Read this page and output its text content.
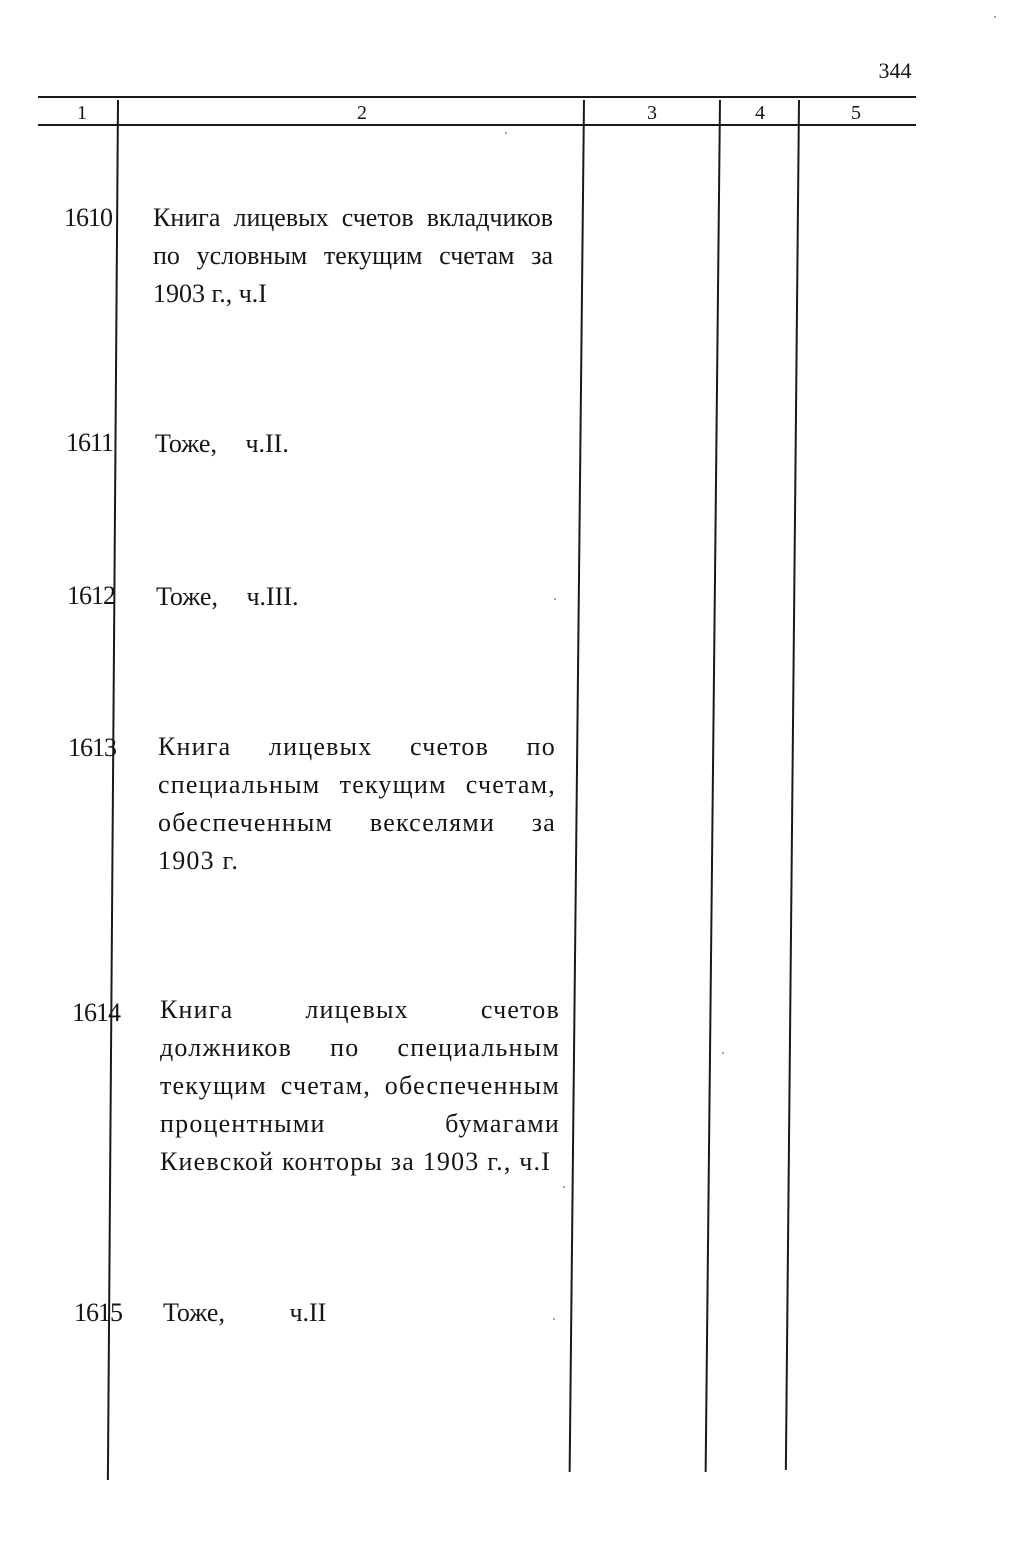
344
1	2	3	4	5
1610 Книга лицевых счетов вкладчиков по условным текущим счетам за 1903 г., ч.I
1611 Тоже, ч.II.
1612 Тоже, ч.III.
1613 Книга лицевых счетов по специальным текущим счетам, обеспеченным векселями за 1903 г.
1614 Книга лицевых счетов должников по специальным текущим счетам, обеспеченным процентными бумагами Киевской конторы за 1903 г., ч.I
1615 Тоже, ч.II
